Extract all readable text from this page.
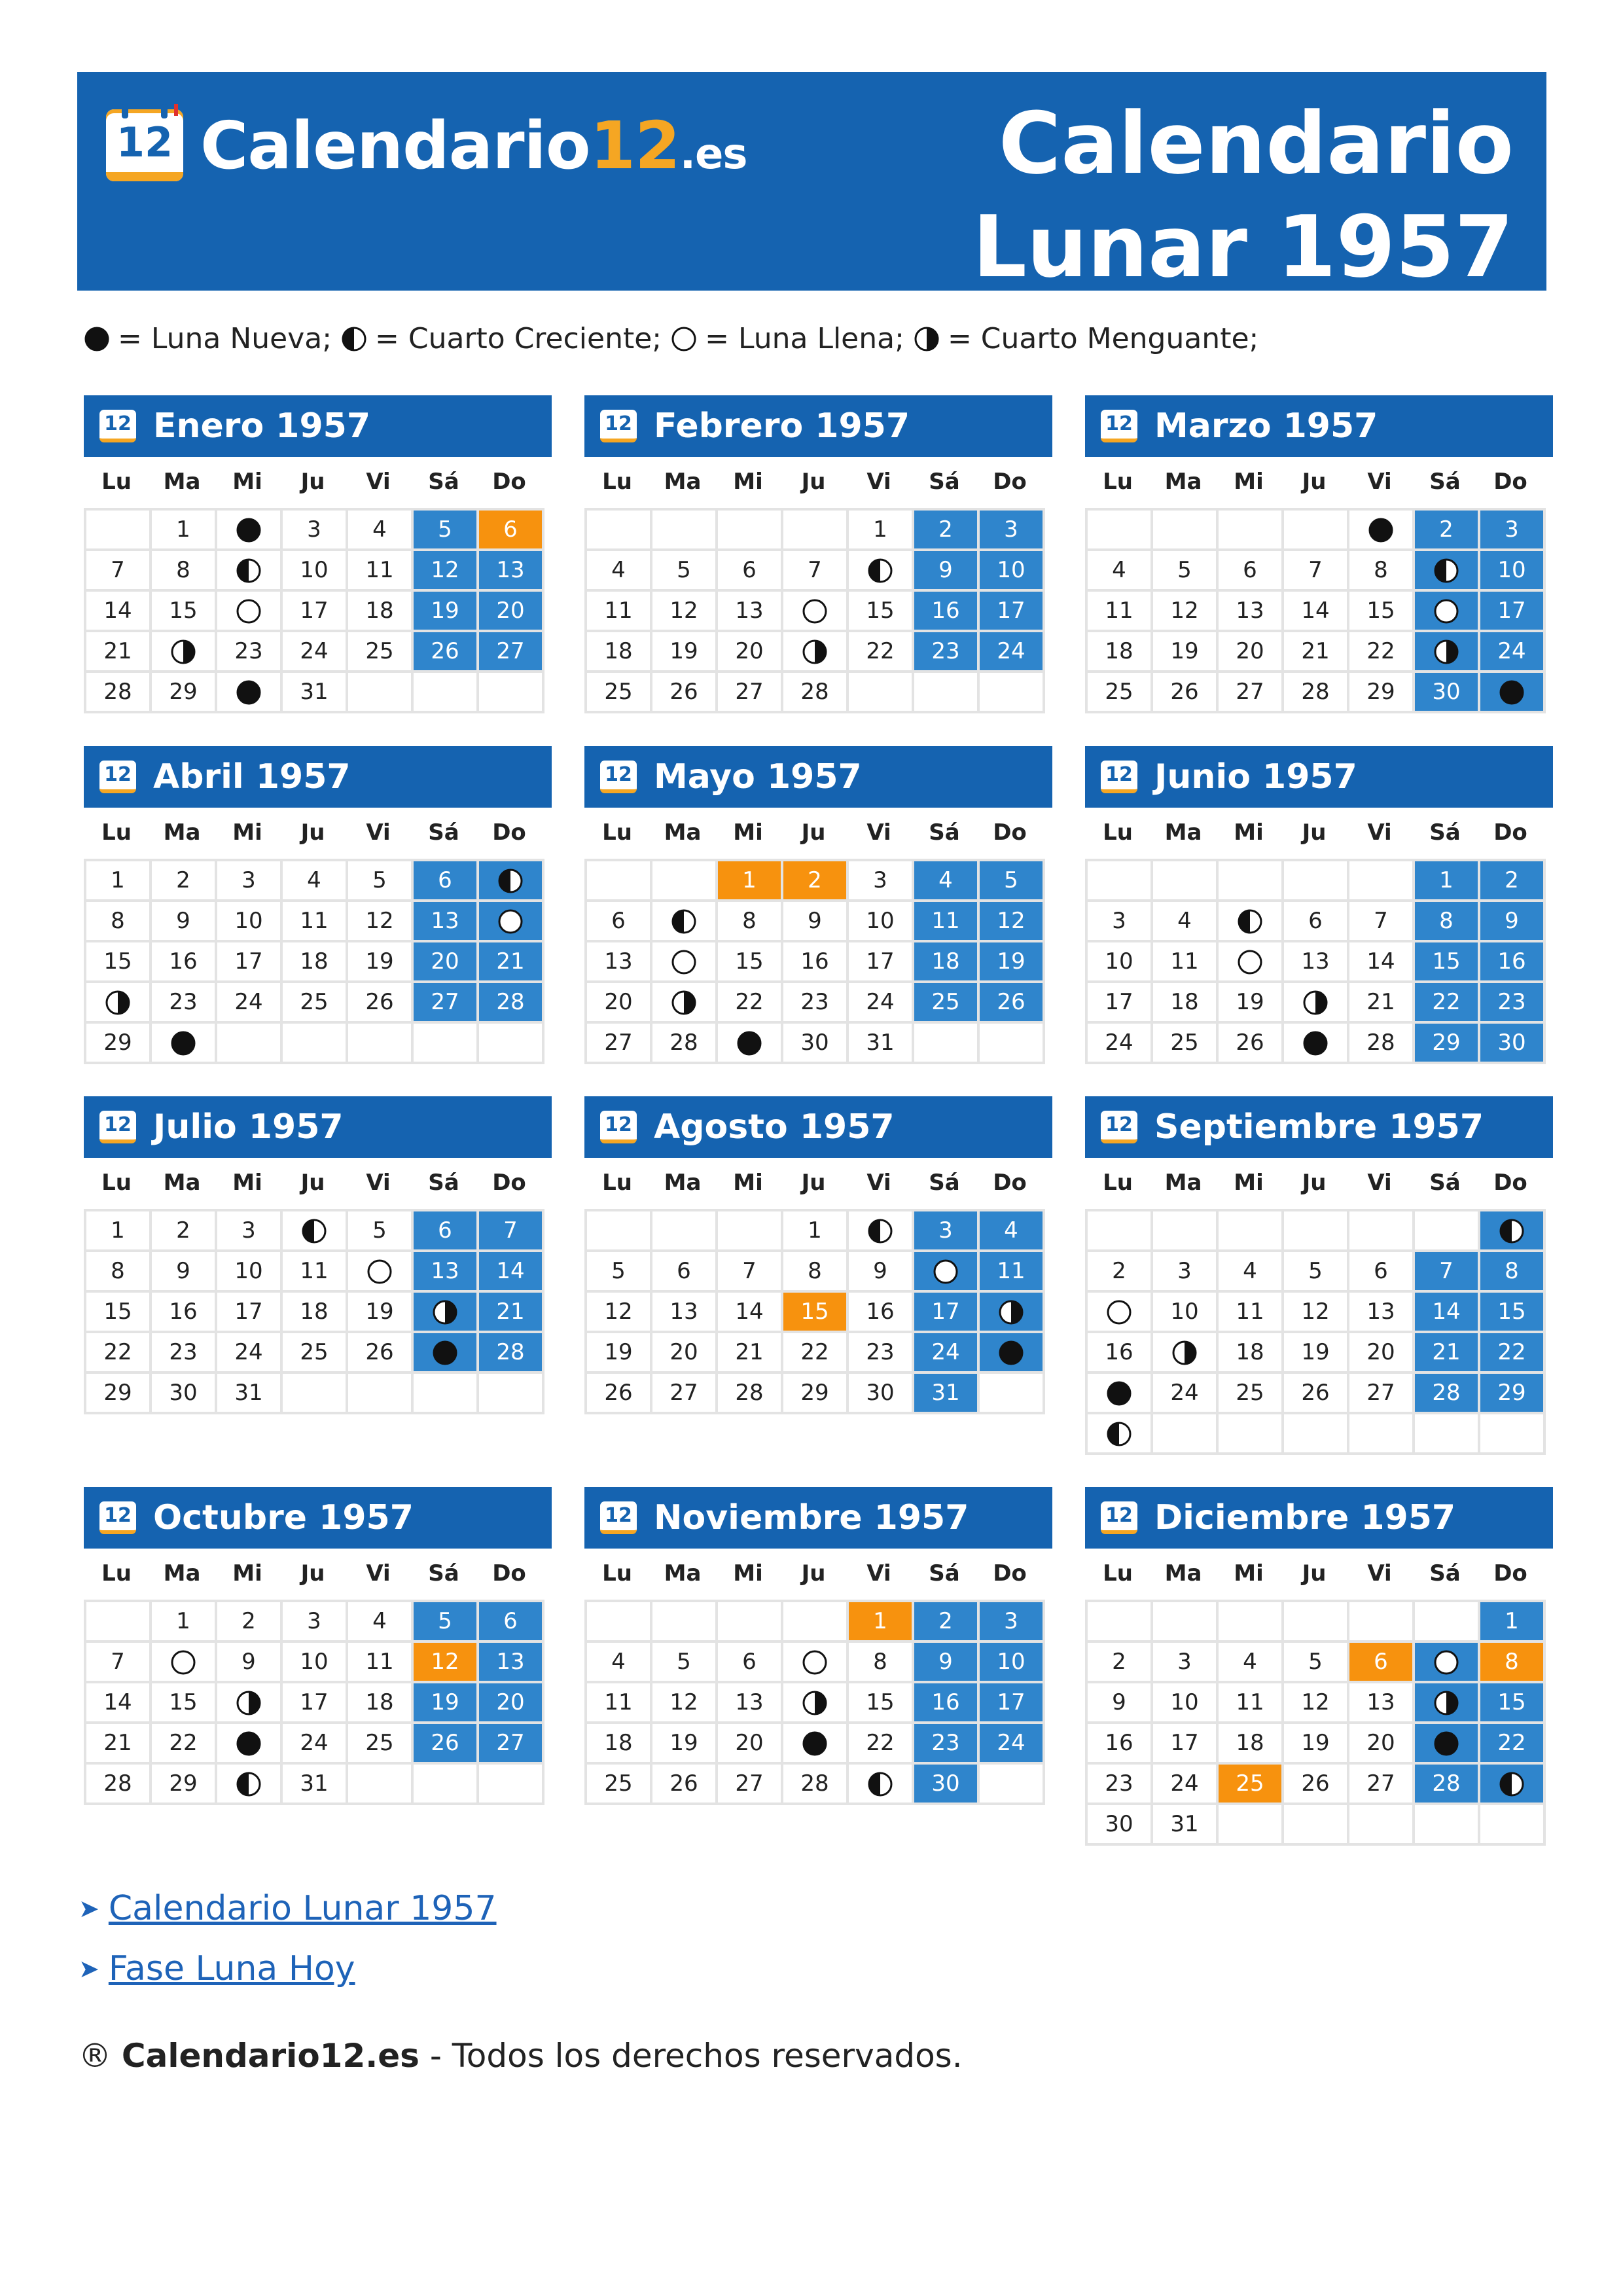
12 Calendario12.es	Calendario
Lunar 1957
= Luna Nueva; = Cuarto Creciente; = Luna Llena; = Cuarto Menguante;
12 Enero 1957
Lu	Ma	Mi	Ju	Vi	Sá	Do
	1		3	4	5	6
7	8		10	11	12	13
14	15		17	18	19	20
21		23	24	25	26	27
28	29		31			
12 Febrero 1957
Lu	Ma	Mi	Ju	Vi	Sá	Do
				1	2	3
4	5	6	7		9	10
11	12	13		15	16	17
18	19	20		22	23	24
25	26	27	28			
12 Marzo 1957
Lu	Ma	Mi	Ju	Vi	Sá	Do
					2	3
4	5	6	7	8		10
11	12	13	14	15		17
18	19	20	21	22		24
25	26	27	28	29	30	
12 Abril 1957
Lu	Ma	Mi	Ju	Vi	Sá	Do
1	2	3	4	5	6	
8	9	10	11	12	13	
15	16	17	18	19	20	21
	23	24	25	26	27	28
29						
12 Mayo 1957
Lu	Ma	Mi	Ju	Vi	Sá	Do
		1	2	3	4	5
6		8	9	10	11	12
13		15	16	17	18	19
20		22	23	24	25	26
27	28		30	31		
12 Junio 1957
Lu	Ma	Mi	Ju	Vi	Sá	Do
					1	2
3	4		6	7	8	9
10	11		13	14	15	16
17	18	19		21	22	23
24	25	26		28	29	30
12 Julio 1957
Lu	Ma	Mi	Ju	Vi	Sá	Do
1	2	3		5	6	7
8	9	10	11		13	14
15	16	17	18	19		21
22	23	24	25	26		28
29	30	31				
12 Agosto 1957
Lu	Ma	Mi	Ju	Vi	Sá	Do
			1		3	4
5	6	7	8	9		11
12	13	14	15	16	17	
19	20	21	22	23	24	
26	27	28	29	30	31	
12 Septiembre 1957
Lu	Ma	Mi	Ju	Vi	Sá	Do

2	3	4	5	6	7	8
	10	11	12	13	14	15
16		18	19	20	21	22
	24	25	26	27	28	29

12 Octubre 1957
Lu	Ma	Mi	Ju	Vi	Sá	Do
	1	2	3	4	5	6
7		9	10	11	12	13
14	15		17	18	19	20
21	22		24	25	26	27
28	29		31			
12 Noviembre 1957
Lu	Ma	Mi	Ju	Vi	Sá	Do
				1	2	3
4	5	6		8	9	10
11	12	13		15	16	17
18	19	20		22	23	24
25	26	27	28		30	
12 Diciembre 1957
Lu	Ma	Mi	Ju	Vi	Sá	Do
						1
2	3	4	5	6		8
9	10	11	12	13		15
16	17	18	19	20		22
23	24	25	26	27	28	
30	31					
➤ Calendario Lunar 1957
➤ Fase Luna Hoy
® Calendario12.es - Todos los derechos reservados.
